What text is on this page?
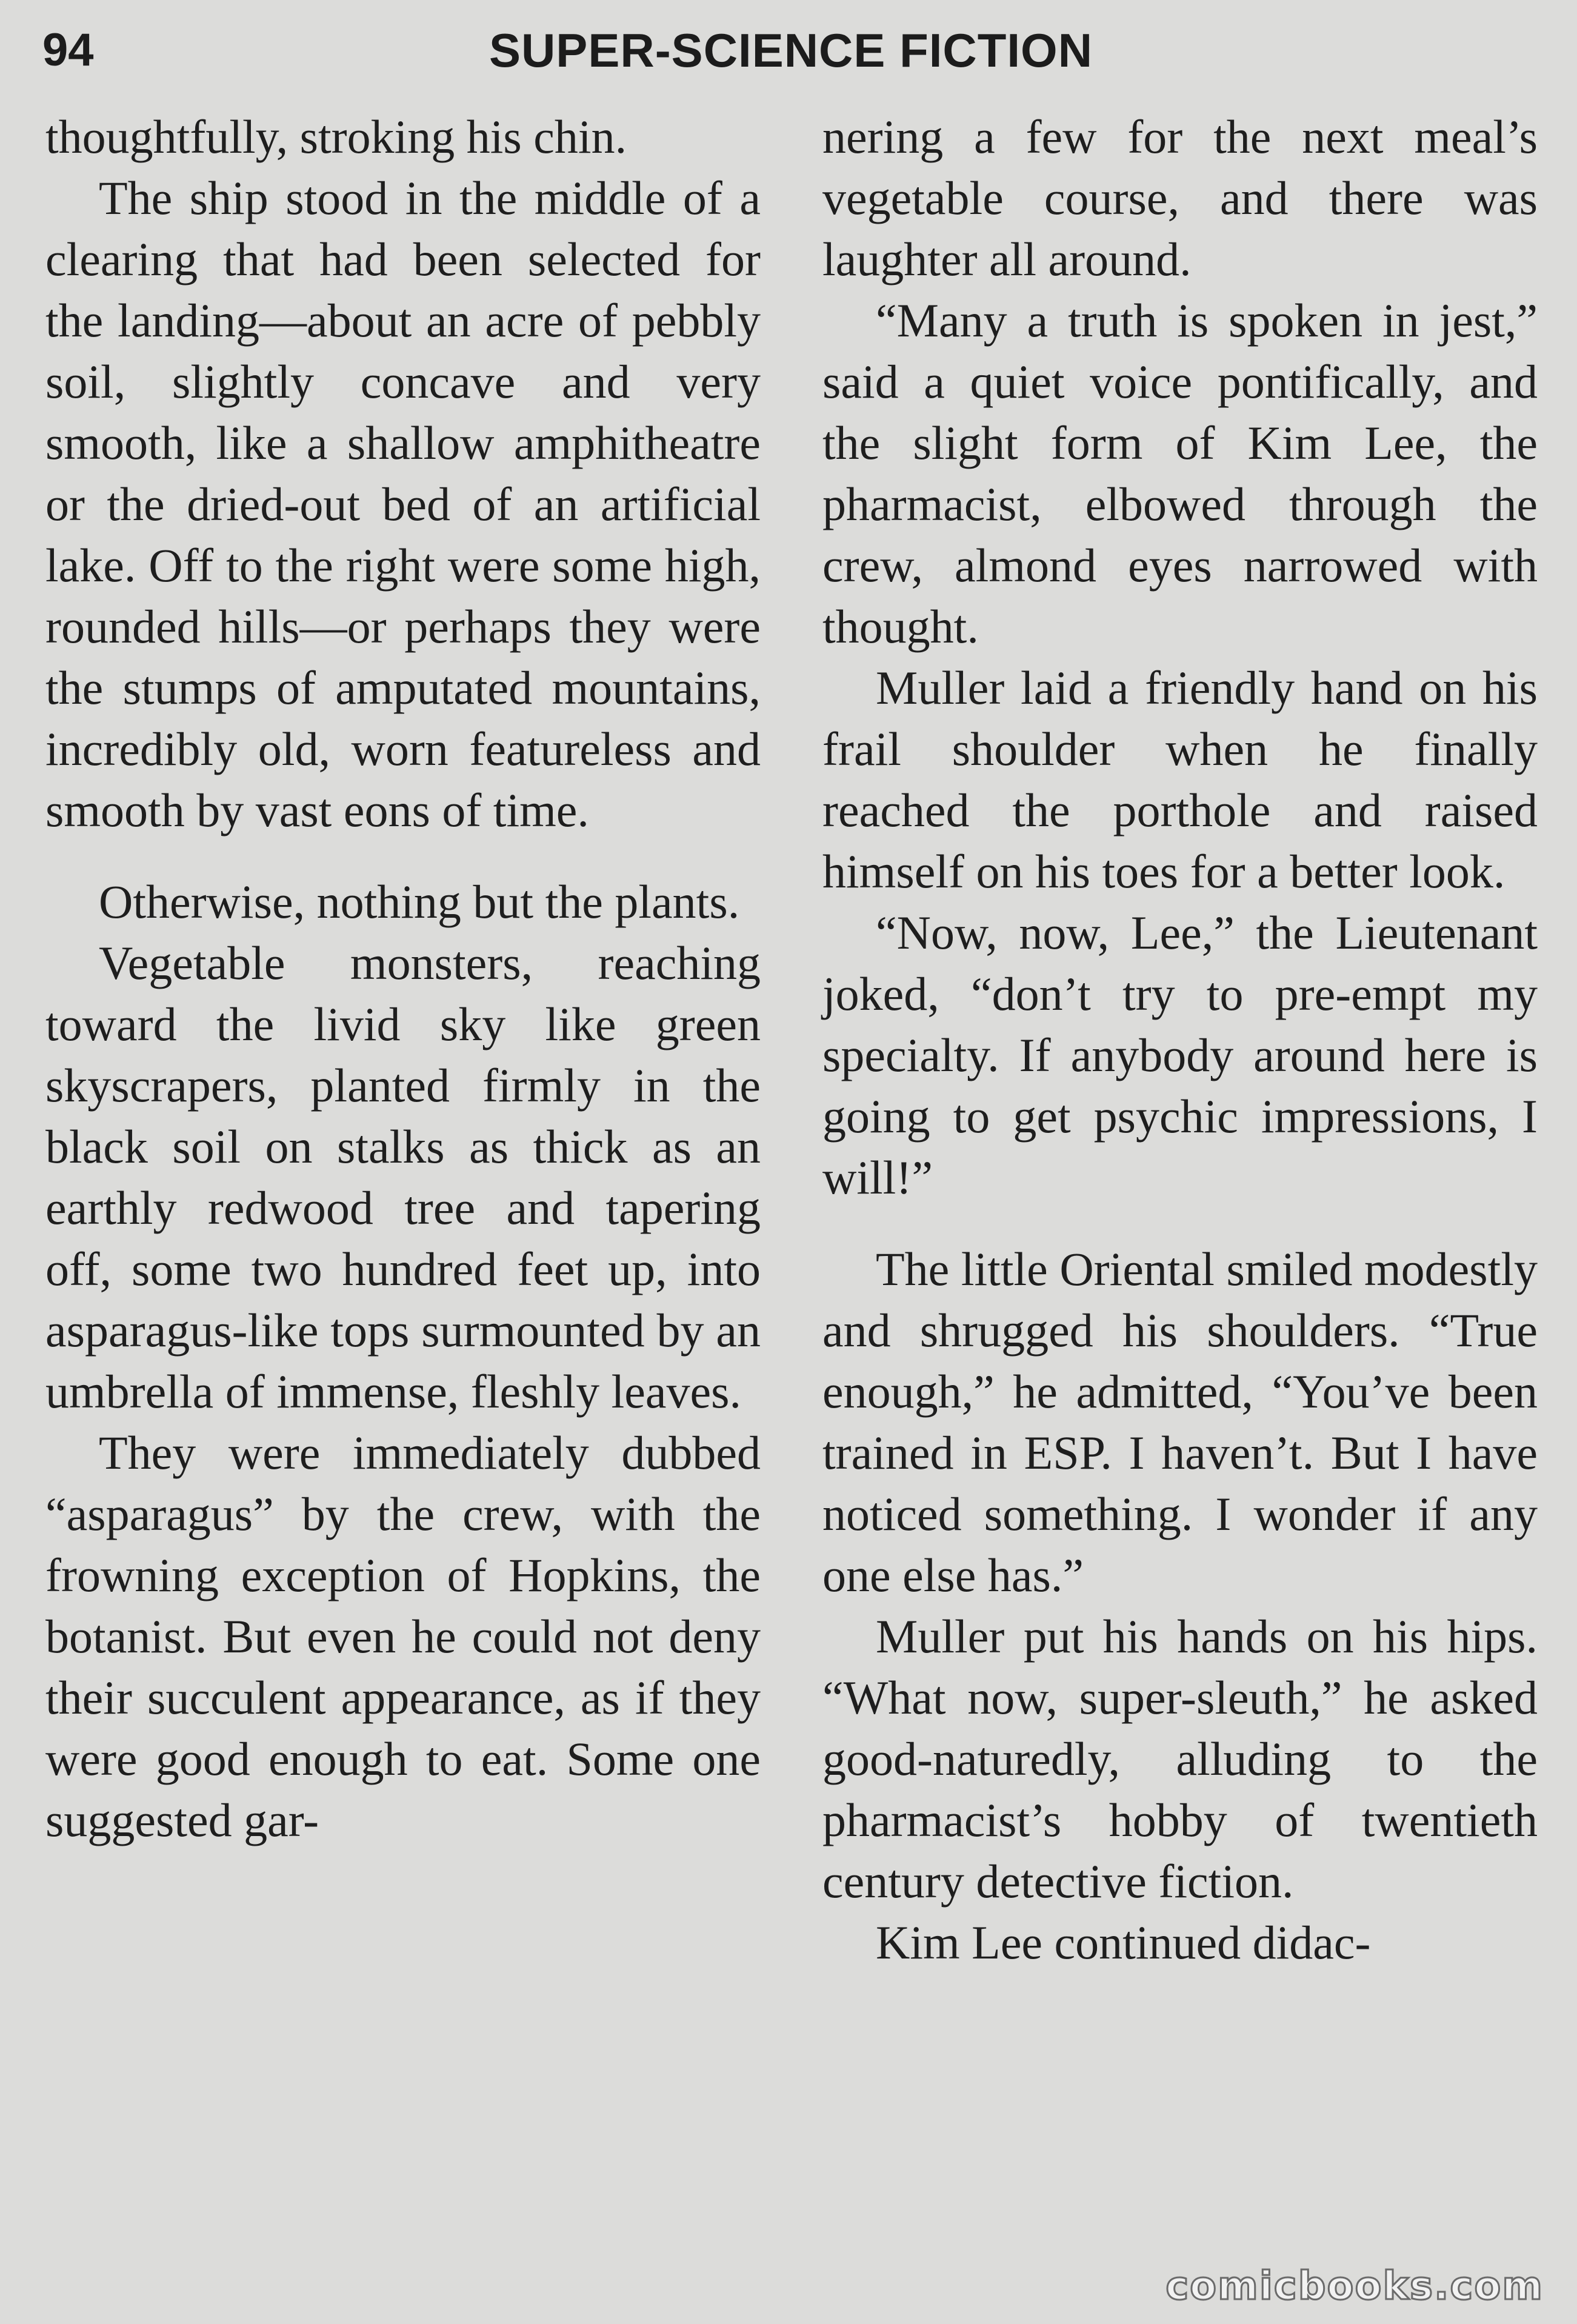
94	SUPER-SCIENCE FICTION

thoughtfully, stroking his chin.

The ship stood in the middle of a clearing that had been selected for the landing—about an acre of pebbly soil, slightly concave and very smooth, like a shallow amphitheatre or the dried-out bed of an artificial lake. Off to the right were some high, rounded hills—or perhaps they were the stumps of amputated mountains, incredibly old, worn featureless and smooth by vast eons of time.

Otherwise, nothing but the plants.

Vegetable monsters, reaching toward the livid sky like green skyscrapers, planted firmly in the black soil on stalks as thick as an earthly redwood tree and tapering off, some two hundred feet up, into asparagus-like tops surmounted by an umbrella of immense, fleshly leaves.

They were immediately dubbed “asparagus” by the crew, with the frowning exception of Hopkins, the botanist. But even he could not deny their succulent appearance, as if they were good enough to eat. Some one suggested gar-

nering a few for the next meal’s vegetable course, and there was laughter all around.

“Many a truth is spoken in jest,” said a quiet voice pontifically, and the slight form of Kim Lee, the pharmacist, elbowed through the crew, almond eyes narrowed with thought.

Muller laid a friendly hand on his frail shoulder when he finally reached the porthole and raised himself on his toes for a better look.

“Now, now, Lee,” the Lieutenant joked, “don’t try to pre-empt my specialty. If anybody around here is going to get psychic impressions, I will!”

The little Oriental smiled modestly and shrugged his shoulders. “True enough,” he admitted, “You’ve been trained in ESP. I haven’t. But I have noticed something. I wonder if any one else has.”

Muller put his hands on his hips. “What now, super-sleuth,” he asked good-naturedly, alluding to the pharmacist’s hobby of twentieth century detective fiction.

Kim Lee continued didac-

comicbooks.com
